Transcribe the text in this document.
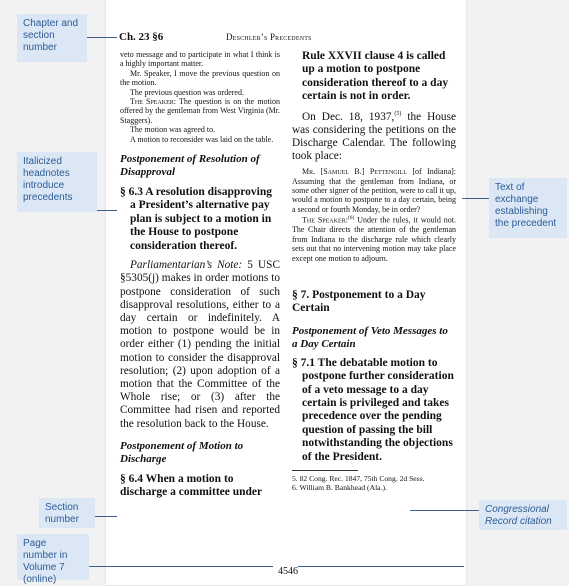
Ch. 23 §6	Deschler’s Precedents

veto message and to participate in what I think is a highly important matter.

Mr. Speaker, I move the previous question on the motion.

The previous question was ordered.

The Speaker: The question is on the motion offered by the gentleman from West Virginia (Mr. Staggers).

The motion was agreed to.

A motion to reconsider was laid on the table.

Postponement of Resolution of Disapproval

§ 6.3 A resolution disapproving a President’s alternative pay plan is subject to a motion in the House to postpone consideration thereof.

Parliamentarian’s Note: 5 USC §5305(j) makes in order motions to postpone consideration of such disapproval resolutions, either to a day certain or indefinitely. A motion to postpone would be in order either (1) pending the initial motion to consider the disapproval resolution; (2) upon adoption of a motion that the Committee of the Whole rise; or (3) after the Committee had risen and reported the resolution back to the House.

Postponement of Motion to Discharge

§ 6.4 When a motion to discharge a committee under

Rule XXVII clause 4 is called up a motion to postpone consideration thereof to a day certain is not in order.

On Dec. 18, 1937,$^{(5)}$ the House was considering the petitions on the Discharge Calendar. The following took place:

Mr. [Samuel B.] Pettengill [of Indiana]: Assuming that the gentleman from Indiana, or some other signer of the petition, were to call it up, would a motion to postpone to a day certain, being a second or fourth Monday, be in order?

The Speaker:$^{(6)}$ Under the rules, it would not. The Chair directs the attention of the gentleman from Indiana to the discharge rule which clearly sets out that no intervening motion may take place except one motion to adjourn.

§ 7. Postponement to a Day Certain

Postponement of Veto Messages to a Day Certain

§ 7.1 The debatable motion to postpone further consideration of a veto message to a day certain is privileged and takes precedence over the pending question of passing the bill notwithstanding the objections of the President.

5. 82 Cong. Rec. 1847, 75th Cong. 2d Sess.

6. William B. Bankhead (Ala.).

4546
Chapter and section number
Italicized headnotes introduce precedents
Text of exchange establishing the precedent
Section number
Congressional Record citation
Page number in Volume 7 (online)
